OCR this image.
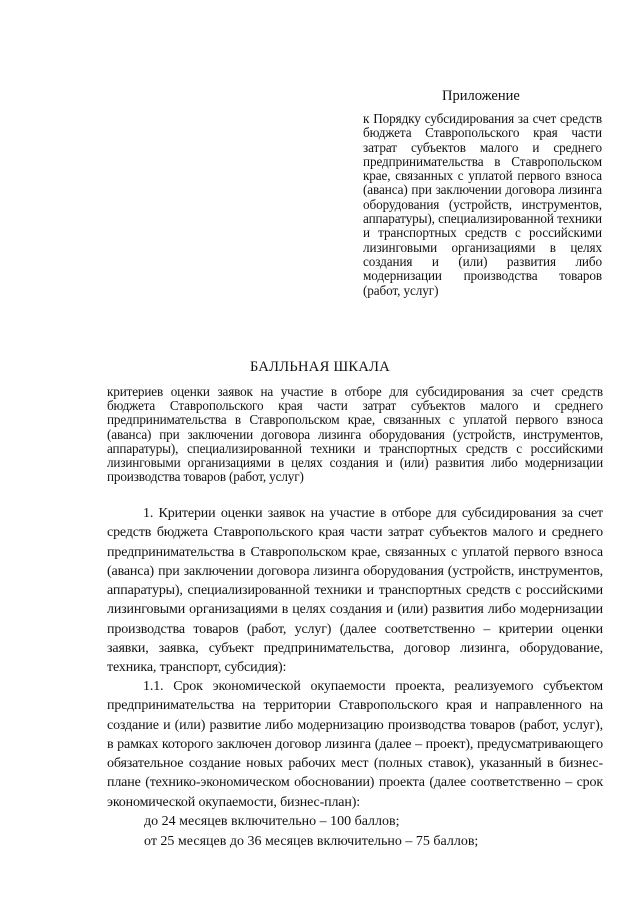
Приложение

к Порядку субсидирования за счет средств бюджета Ставропольского края части затрат субъектов малого и среднего предпринимательства в Ставропольском крае, связанных с уплатой первого взноса (аванса) при заключении договора лизинга оборудования (устройств, инструментов, аппаратуры), специализированной техники и транспортных средств с российскими лизинговыми организациями в целях создания и (или) развития либо модернизации производства товаров (работ, услуг)

БАЛЛЬНАЯ ШКАЛА

критериев оценки заявок на участие в отборе для субсидирования за счет средств бюджета Ставропольского края части затрат субъектов малого и среднего предпринимательства в Ставропольском крае, связанных с уплатой первого взноса (аванса) при заключении договора лизинга оборудования (устройств, инструментов, аппаратуры), специализированной техники и транспортных средств с российскими лизинговыми организациями в целях создания и (или) развития либо модернизации производства товаров (работ, услуг)

1. Критерии оценки заявок на участие в отборе для субсидирования за счет средств бюджета Ставропольского края части затрат субъектов малого и среднего предпринимательства в Ставропольском крае, связанных с уплатой первого взноса (аванса) при заключении договора лизинга оборудования (устройств, инструментов, аппаратуры), специализированной техники и транспортных средств с российскими лизинговыми организациями в целях создания и (или) развития либо модернизации производства товаров (работ, услуг) (далее соответственно – критерии оценки заявки, заявка, субъект предпринимательства, договор лизинга, оборудование, техника, транспорт, субсидия):

1.1. Срок экономической окупаемости проекта, реализуемого субъектом предпринимательства на территории Ставропольского края и направленного на создание и (или) развитие либо модернизацию производства товаров (работ, услуг), в рамках которого заключен договор лизинга (далее – проект), предусматривающего обязательное создание новых рабочих мест (полных ставок), указанный в бизнес-плане (технико-экономическом обосновании) проекта (далее соответственно – срок экономической окупаемости, бизнес-план):

до 24 месяцев включительно – 100 баллов;

от 25 месяцев до 36 месяцев включительно – 75 баллов;
